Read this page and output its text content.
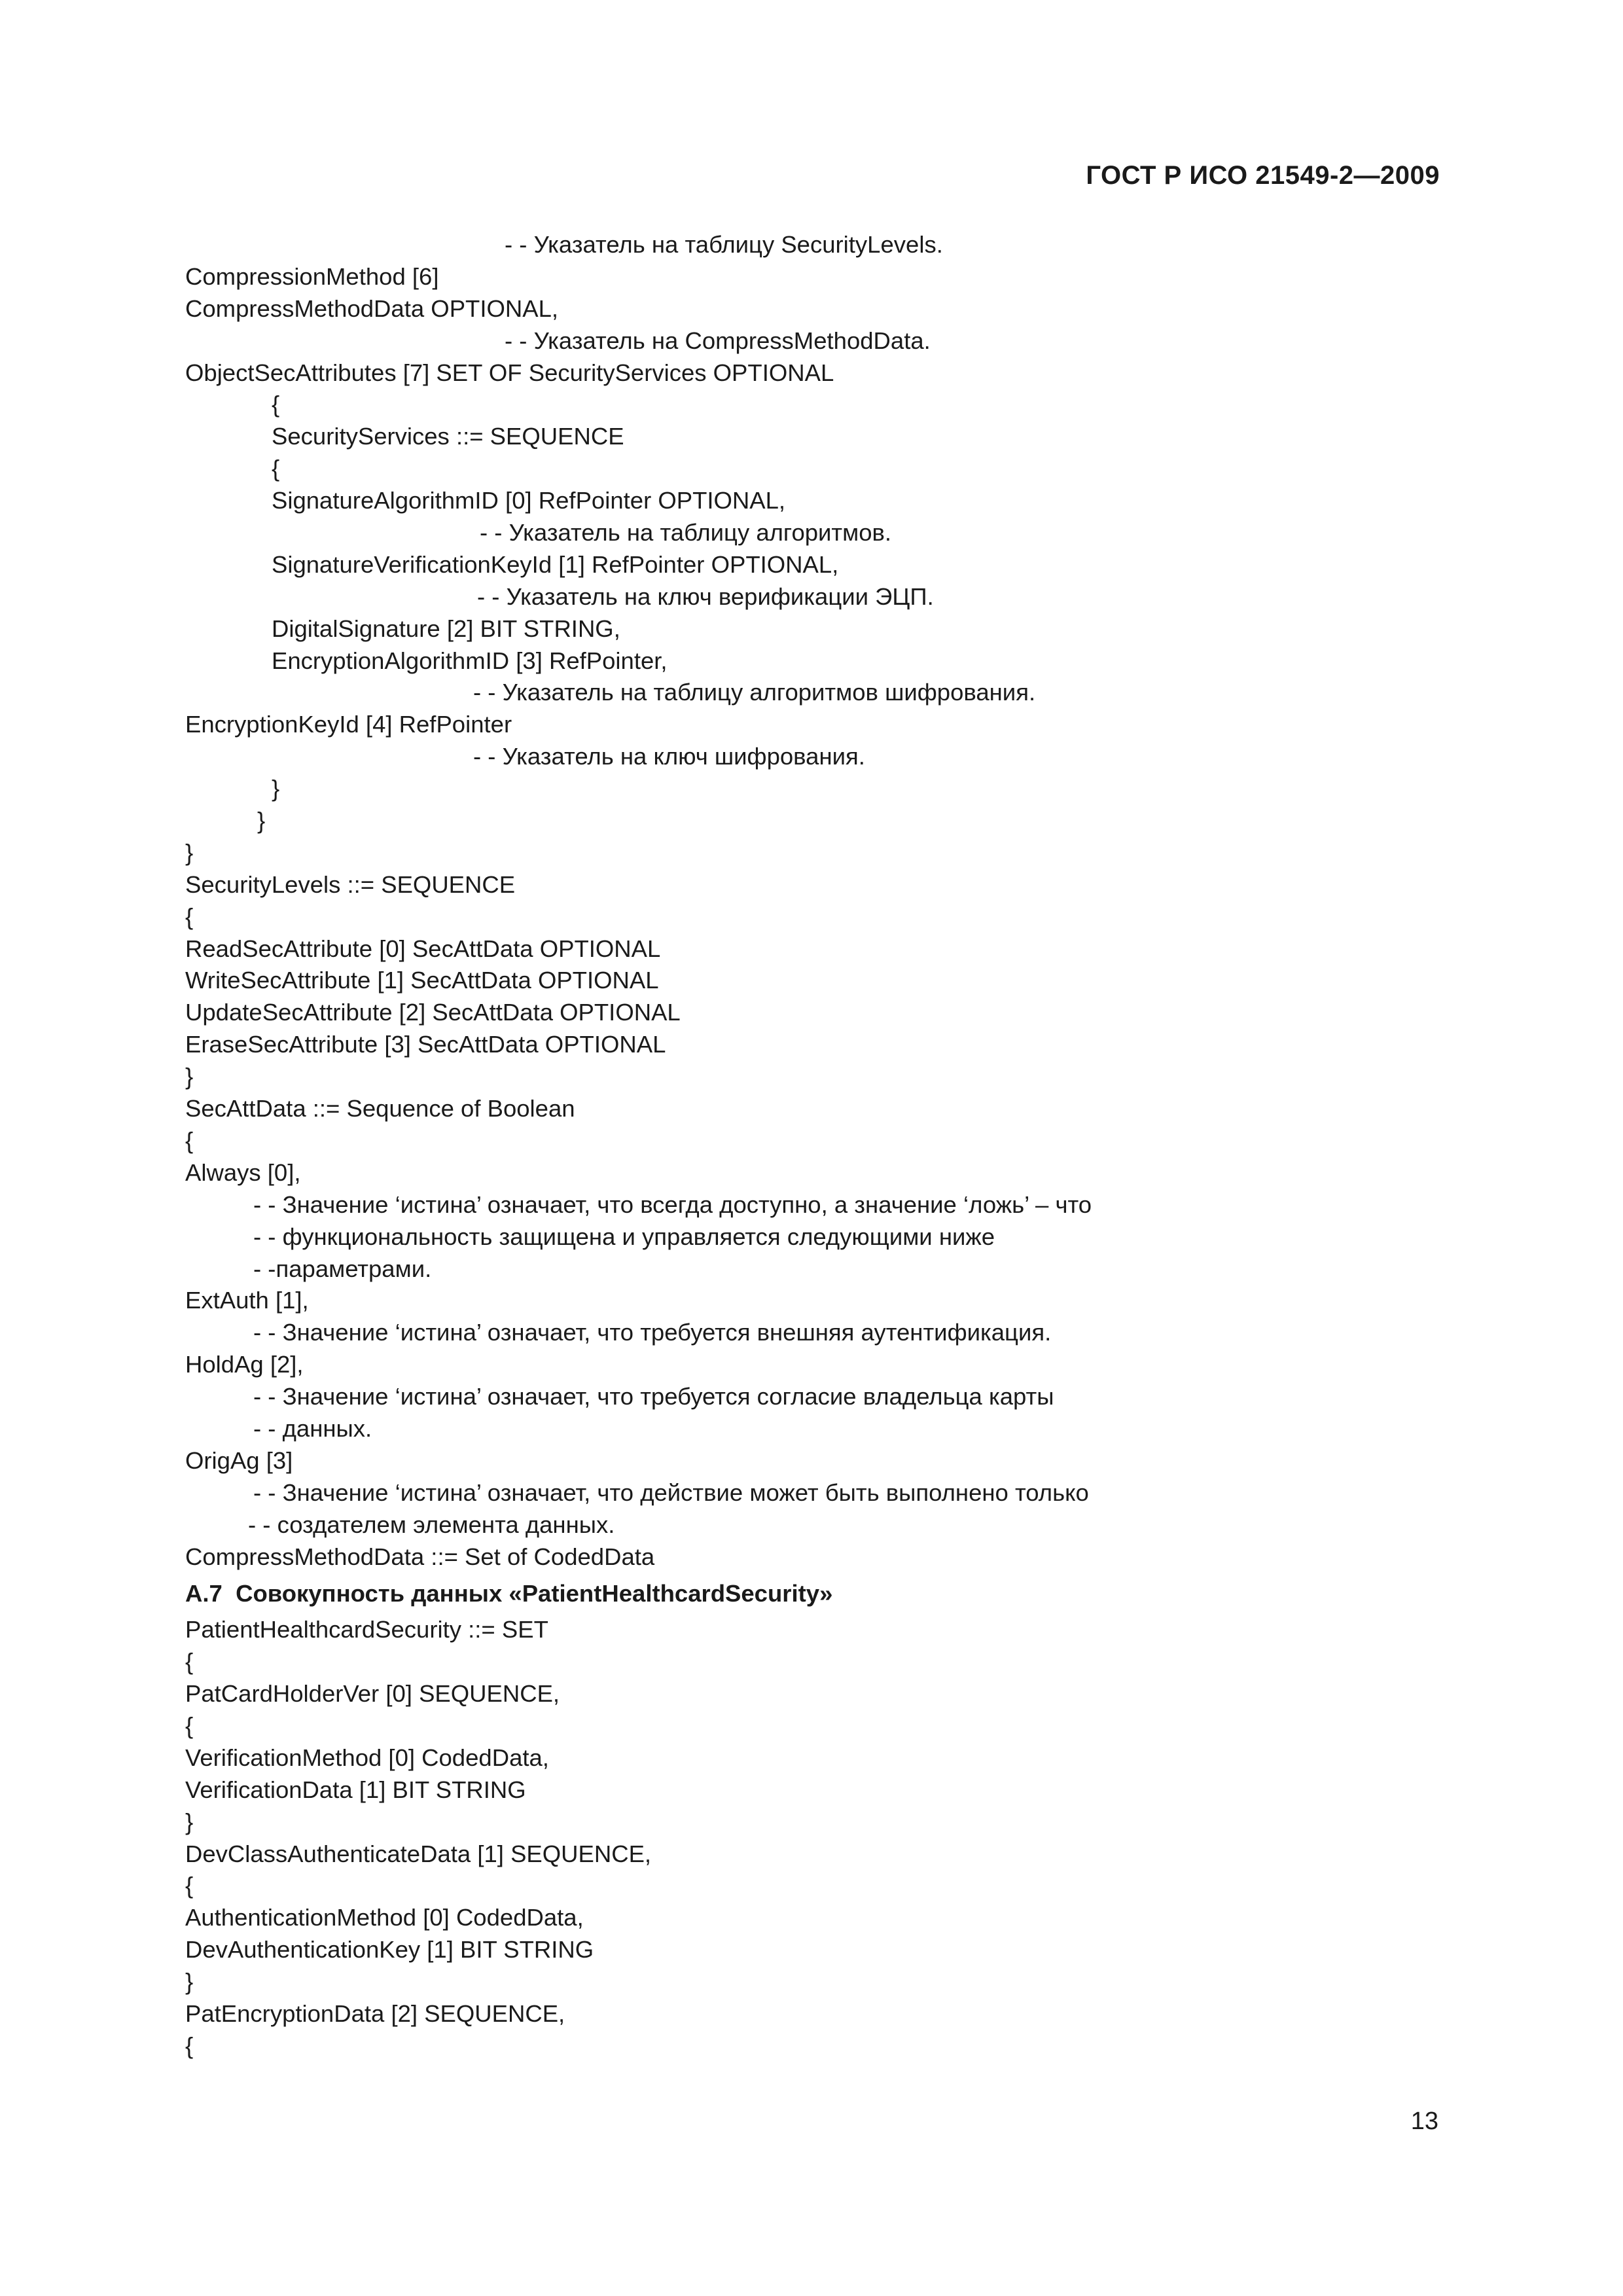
ГОСТ Р ИСО 21549-2—2009
- - Указатель на таблицу SecurityLevels.
CompressionMethod [6]
CompressMethodData OPTIONAL,
- - Указатель на CompressMethodData.
ObjectSecAttributes [7] SET OF SecurityServices OPTIONAL
{
SecurityServices ::= SEQUENCE
{
SignatureAlgorithmID [0] RefPointer OPTIONAL,
- - Указатель на таблицу алгоритмов.
SignatureVerificationKeyId [1] RefPointer OPTIONAL,
- - Указатель на ключ верификации ЭЦП.
DigitalSignature [2] BIT STRING,
EncryptionAlgorithmID [3] RefPointer,
- - Указатель на таблицу алгоритмов шифрования.
EncryptionKeyId [4] RefPointer
- - Указатель на ключ шифрования.
}
}
}
SecurityLevels ::= SEQUENCE
{
ReadSecAttribute [0] SecAttData OPTIONAL
WriteSecAttribute [1] SecAttData OPTIONAL
UpdateSecAttribute [2] SecAttData OPTIONAL
EraseSecAttribute [3] SecAttData OPTIONAL
}
SecAttData ::= Sequence of Boolean
{
Always [0],
- - Значение ‘истина’ означает, что всегда доступно, а значение ‘ложь’ – что
- - функциональность защищена и управляется следующими ниже
- -параметрами.
ExtAuth [1],
- - Значение ‘истина’ означает, что требуется внешняя аутентификация.
HoldAg [2],
- - Значение ‘истина’ означает, что требуется согласие владельца карты
- - данных.
OrigAg [3]
- - Значение ‘истина’ означает, что действие может быть выполнено только
- - создателем элемента данных.
CompressMethodData ::= Set of CodedData
А.7  Совокупность данных «PatientHealthcardSecurity»
PatientHealthcardSecurity ::= SET
{
PatCardHolderVer [0] SEQUENCE,
{
VerificationMethod [0] CodedData,
VerificationData [1] BIT STRING
}
DevClassAuthenticateData [1] SEQUENCE,
{
AuthenticationMethod [0] CodedData,
DevAuthenticationKey [1] BIT STRING
}
PatEncryptionData [2] SEQUENCE,
{
13
